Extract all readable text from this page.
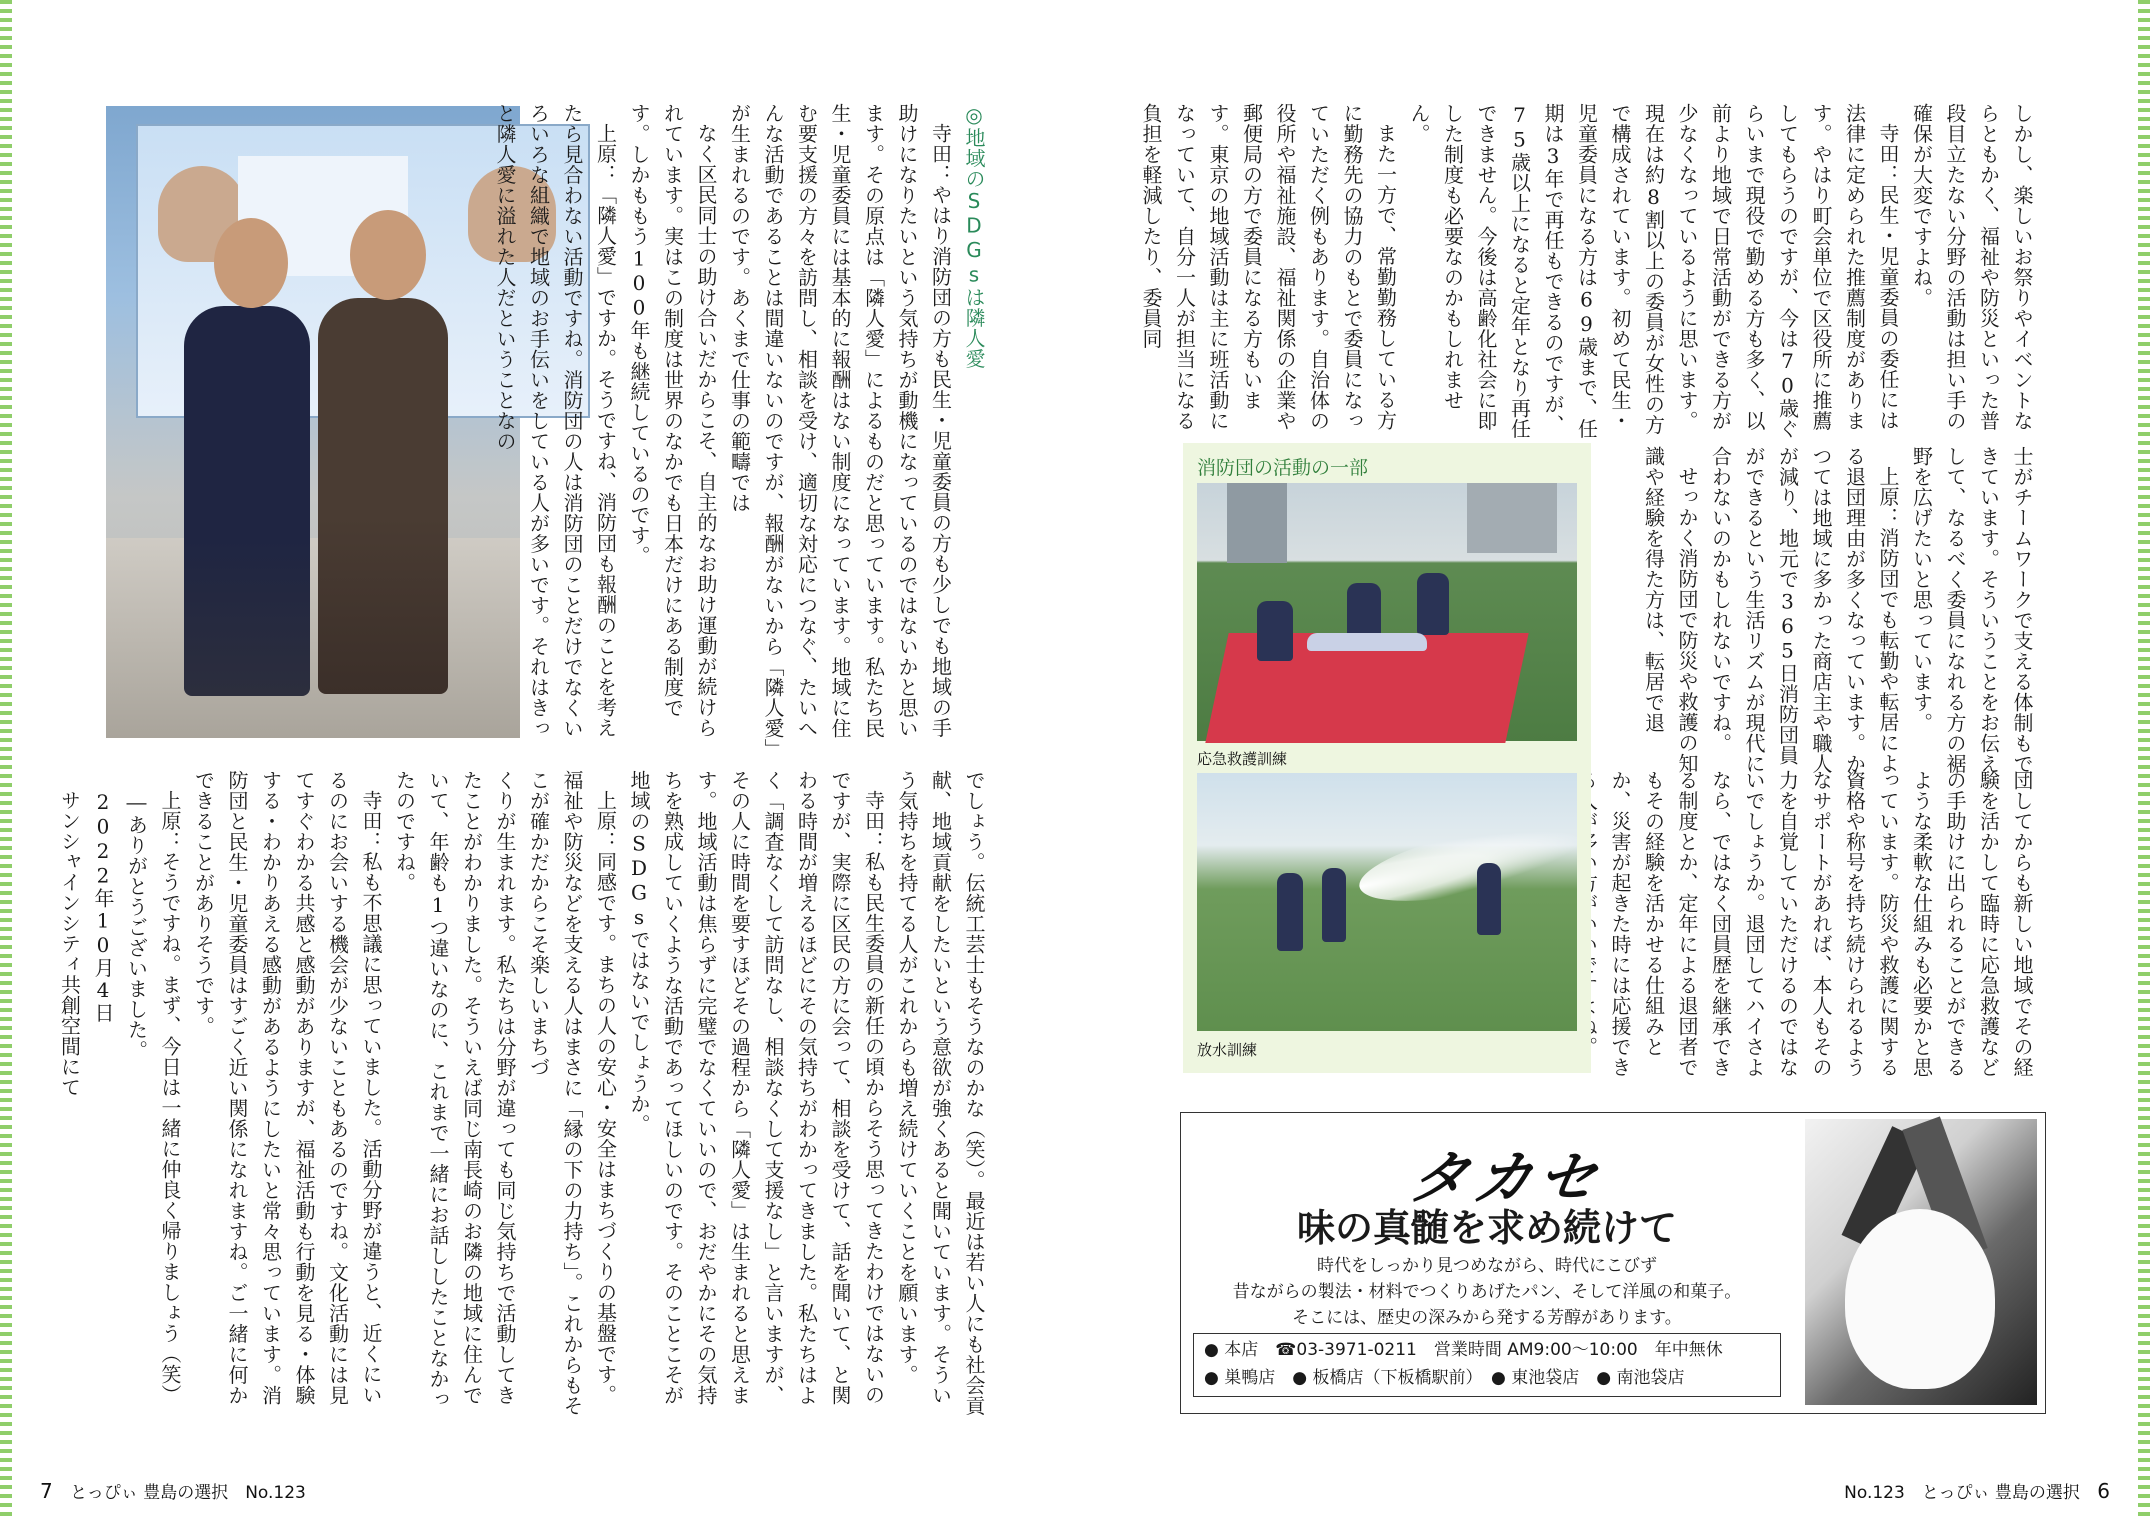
しかし、楽しいお祭りやイベントならともかく、福祉や防災といった普段目立たない分野の活動は担い手の確保が大変ですよね。

寺田：民生・児童委員の委任には法律に定められた推薦制度があります。やはり町会単位で区役所に推薦してもらうのですが、今は70歳ぐらいまで現役で勤める方も多く、以前より地域で日常活動ができる方が少なくなっているように思います。現在は約8割以上の委員が女性の方で構成されています。初めて民生・児童委員になる方は69歳まで、任期は3年で再任もできるのですが、75歳以上になると定年となり再任できません。今後は高齢化社会に即した制度も必要なのかもしれません。

また一方で、常勤勤務している方に勤務先の協力のもとで委員になっていただく例もあります。自治体の役所や福祉施設、福祉関係の企業や郵便局の方で委員になる方もいます。東京の地域活動は主に班活動になっていて、自分一人が担当になる負担を軽減したり、委員同

士がチームワークで支える体制もできています。そういうことをお伝えして、なるべく委員になれる方の裾野を広げたいと思っています。

上原：消防団でも転勤や転居による退団理由が多くなっています。かつては地域に多かった商店主や職人が減り、地元で365日消防団員ができるという生活リズムが現代に合わないのかもしれないですね。

せっかく消防団で防災や救護の知識や経験を得た方は、転居で退

団してからも新しい地域でその経験を活かして臨時に応急救護などの手助けに出られることができるような柔軟な仕組みも必要かと思っています。防災や救護に関する資格や称号を持ち続けられるようなサポートがあれば、本人もその力を自覚していただけるのではないでしょうか。退団してハイさよなら、ではなく団員歴を継承できる制度とか、定年による退団者でもその経験を活かせる仕組みとか、災害が起きた時には応援でき

消防団の活動の一部
応急救護訓練
放水訓練
タカセ
味の真髄を求め続けて
時代をしっかり見つめながら、時代にこびず
昔ながらの製法・材料でつくりあげたパン、そして洋風の和菓子。
そこには、歴史の深みから発する芳醇があります。
● 本店　☎03-3971-0211　営業時間 AM9:00〜10:00　年中無休
● 巣鴨店　● 板橋店（下板橋駅前）　● 東池袋店　● 南池袋店

◎地域のSDGsは隣人愛

寺田：やはり消防団の方も民生・児童委員の方も少しでも地域の手助けになりたいという気持ちが動機になっているのではないかと思います。その原点は「隣人愛」によるものだと思っています。私たち民生・児童委員には基本的に報酬はない制度になっています。地域に住む要支援の方々を訪問し、相談を受け、適切な対応につなぐ、たいへんな活動であることは間違いないのですが、報酬がないから「隣人愛」が生まれるのです。あくまで仕事の範疇では

なく区民同士の助け合いだからこそ、自主的なお助け運動が続けられています。実はこの制度は世界のなかでも日本だけにある制度です。しかももう100年も継続しているのです。

上原：「隣人愛」ですか。そうですね、消防団も報酬のことを考えたら見合わない活動ですね。消防団の人は消防団のことだけでなくいろいろな組織で地域のお手伝いをしている人が多いです。それはきっと隣人愛に溢れた人だということなの

でしょう。伝統工芸士もそうなのかな（笑）。最近は若い人にも社会貢献、地域貢献をしたいという意欲が強くあると聞いています。そういう気持ちを持てる人がこれからも増え続けていくことを願います。

寺田：私も民生委員の新任の頃からそう思ってきたわけではないのですが、実際に区民の方に会って、相談を受けて、話を聞いて、と関わる時間が増えるほどにその気持ちがわかってきました。私たちはよく「調査なくして訪問なし、相談なくして支援なし」と言いますが、その人に時間を要すほどその過程から「隣人愛」は生まれると思えます。地域活動は焦らずに完璧でなくていいので、おだやかにその気持ちを熟成していくような活動であってほしいのです。そのことこそが地域のSDGsではないでしょうか。

上原：同感です。まちの人の安心・安全はまちづくりの基盤です。福祉や防災などを支える人はまさに「縁の下の力持ち」。これからもそこが確かだからこそ楽しいまちづ

くりが生まれます。私たちは分野が違っても同じ気持ちで活動してきたことがわかりました。そういえば同じ南長崎のお隣の地域に住んでいて、年齢も1つ違いなのに、これまで一緒にお話ししたことなかったのですね。

寺田：私も不思議に思っていました。活動分野が違うと、近くにいるのにお会いする機会が少ないこともあるのですね。文化活動には見てすぐわかる共感と感動がありますが、福祉活動も行動を見る・体験する・わかりあえる感動があるようにしたいと常々思っています。消防団と民生・児童委員はすごく近い関係になれますね。ご一緒に何かできることがありそうです。

上原：そうですね。まず、今日は一緒に仲良く帰りましょう（笑）

―ありがとうございました。

2022年10月4日

サンシャインシティ共創空間にて

7 とっぴぃ 豊島の選択　No.123	No.123　とっぴぃ 豊島の選択 6
